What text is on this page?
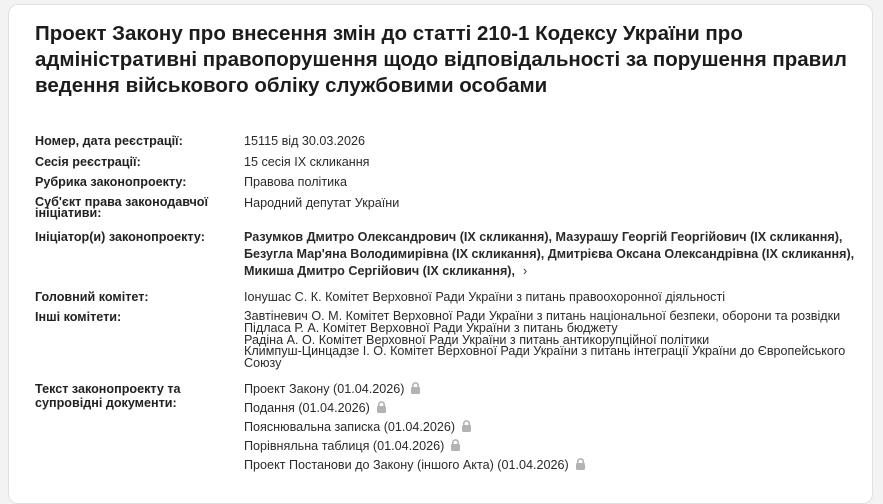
Проект Закону про внесення змін до статті 210-1 Кодексу України про адміністративні правопорушення щодо відповідальності за порушення правил ведення військового обліку службовими особами
Номер, дата реєстрації:	15115 від 30.03.2026
Сесія реєстрації:	15 сесія IX скликання
Рубрика законопроекту:	Правова політика
Суб'єкт права законодавчої ініціативи:
Народний депутат України
Ініціатор(и) законопроекту:	Разумков Дмитро Олександрович (IX скликання), Мазурашу Георгій Георгійович (IX скликання), Безугла Мар'яна Володимирівна (IX скликання), Дмитрієва Оксана Олександрівна (IX скликання), Микиша Дмитро Сергійович (IX скликання), ›
Головний комітет:	Іонушас С. К. Комітет Верховної Ради України з питань правоохоронної діяльності
Інші комітети:	Завтіневич О. М. Комітет Верховної Ради України з питань національної безпеки, оборони та розвідки
Підласа Р. А. Комітет Верховної Ради України з питань бюджету
Радіна А. О. Комітет Верховної Ради України з питань антикорупційної політики
Климпуш-Цинцадзе І. О. Комітет Верховної Ради України з питань інтеграції України до Європейського Союзу
Текст законопроекту та супровідні документи:
Проект Закону (01.04.2026)
Подання (01.04.2026)
Пояснювальна записка (01.04.2026)
Порівняльна таблиця (01.04.2026)
Проект Постанови до Закону (іншого Акта) (01.04.2026)
